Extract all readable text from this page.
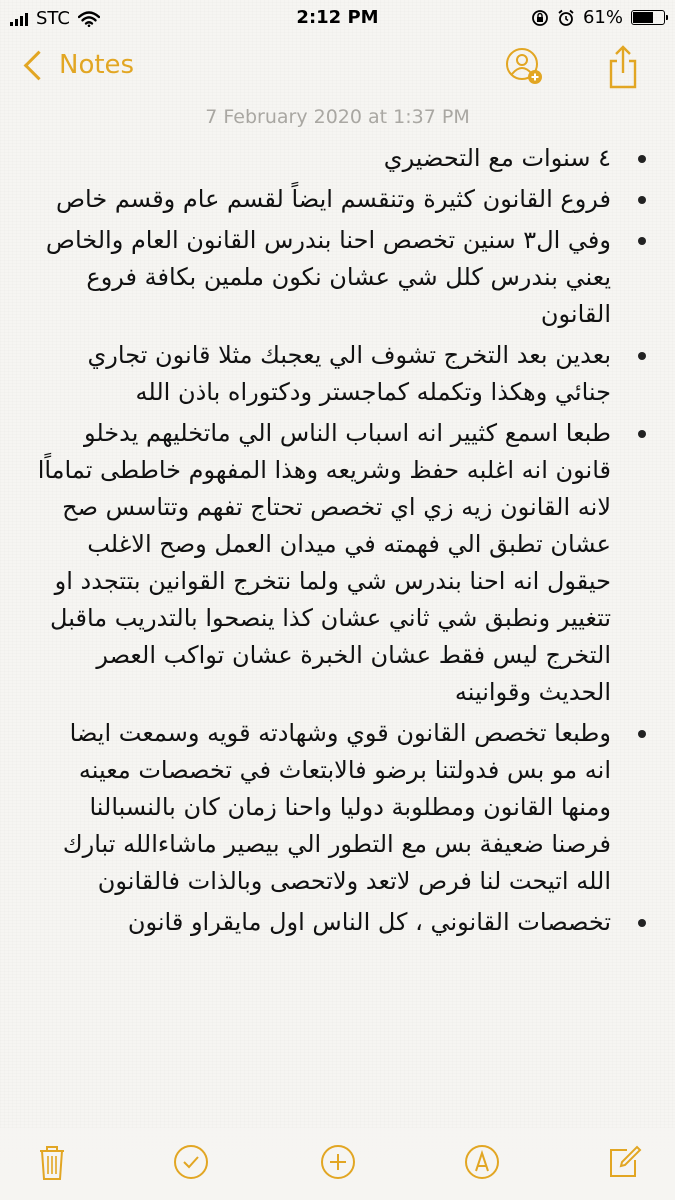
STC	2:12 PM	61%
Notes
7 February 2020 at 1:37 PM
٤ سنوات مع التحضيري
فروع القانون كثيرة وتنقسم ايضاً لقسم عام وقسم خاص
وفي ال٣ سنين تخصص احنا بندرس القانون العام والخاص يعني بندرس كلل شي عشان نكون ملمين بكافة فروع القانون
بعدين بعد التخرج تشوف الي يعجبك مثلا قانون تجاري جنائي وهكذا وتكمله كماجستر ودكتوراه باذن الله
طبعا اسمع كثيير انه اسباب الناس الي ماتخليهم يدخلو قانون انه اغلبه حفظ وشريعه وهذا المفهوم خاططى تماماًا لانه القانون زيه زي اي تخصص تحتاج تفهم وتتاسس صح عشان تطبق الي فهمته في ميدان العمل وصح الاغلب حيقول انه احنا بندرس شي ولما نتخرج القوانين بتتجدد او تتغيير ونطبق شي ثاني عشان كذا ينصحوا بالتدريب ماقبل التخرج ليس فقط عشان الخبرة عشان تواكب العصر الحديث وقوانينه
وطبعا تخصص القانون قوي وشهادته قويه وسمعت ايضا انه مو بس فدولتنا برضو فالابتعاث في تخصصات معينه ومنها القانون ومطلوبة دوليا واحنا زمان كان بالنسبالنا فرصنا ضعيفة بس مع التطور الي بيصير ماشاءالله تبارك الله اتيحت لنا فرص لاتعد ولاتحصى وبالذات فالقانون
تخصصات القانوني ، كل الناس اول مايقراو قانون
